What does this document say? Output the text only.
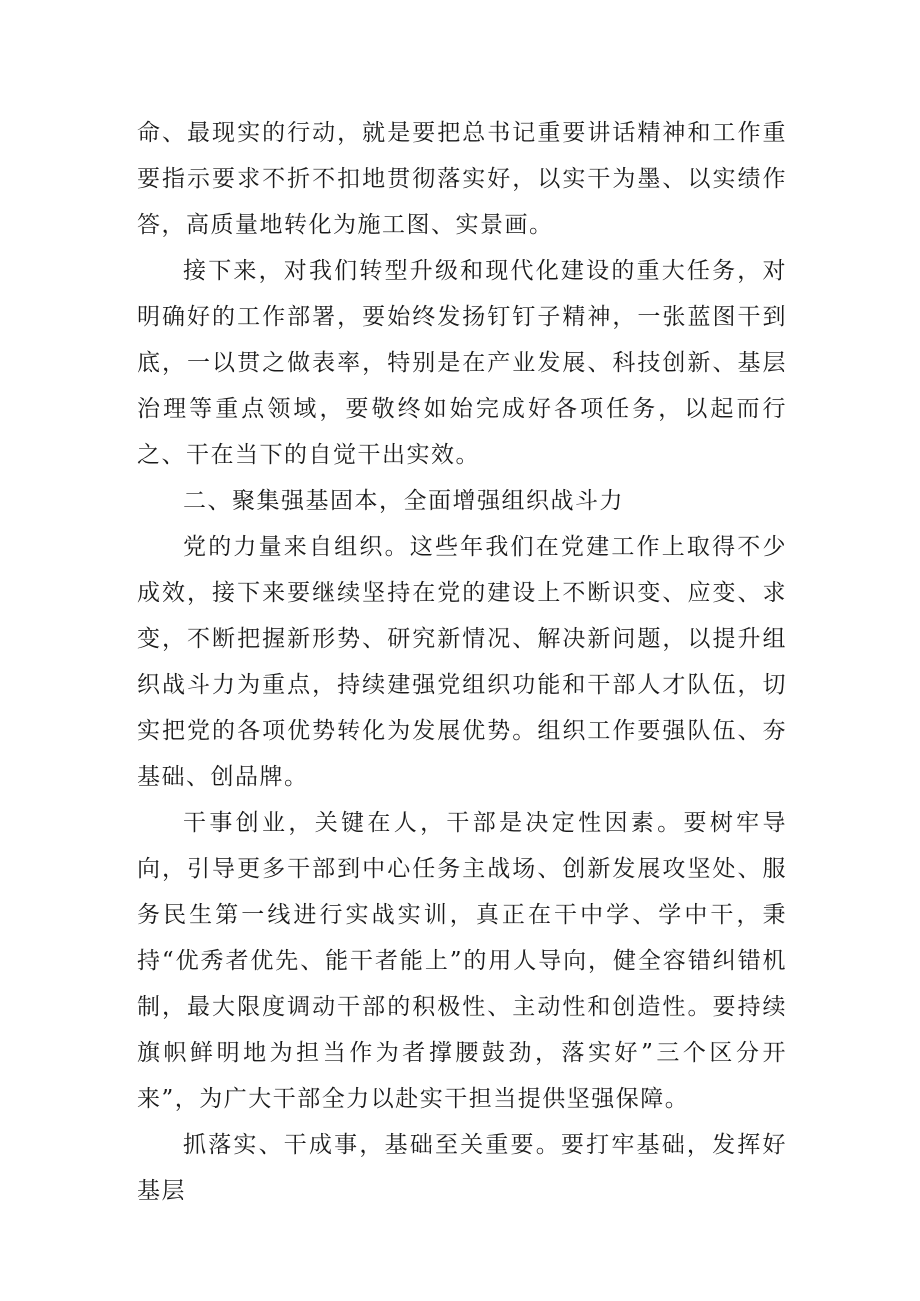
命、最现实的行动，就是要把总书记重要讲话精神和工作重要指示要求不折不扣地贯彻落实好，以实干为墨、以实绩作答，高质量地转化为施工图、实景画。

接下来，对我们转型升级和现代化建设的重大任务，对明确好的工作部署，要始终发扬钉钉子精神，一张蓝图干到底，一以贯之做表率，特别是在产业发展、科技创新、基层治理等重点领域，要敬终如始完成好各项任务，以起而行之、干在当下的自觉干出实效。

二、聚集强基固本，全面增强组织战斗力

党的力量来自组织。这些年我们在党建工作上取得不少成效，接下来要继续坚持在党的建设上不断识变、应变、求变，不断把握新形势、研究新情况、解决新问题，以提升组织战斗力为重点，持续建强党组织功能和干部人才队伍，切实把党的各项优势转化为发展优势。组织工作要强队伍、夯基础、创品牌。

干事创业，关键在人，干部是决定性因素。要树牢导向，引导更多干部到中心任务主战场、创新发展攻坚处、服务民生第一线进行实战实训，真正在干中学、学中干，秉持“优秀者优先、能干者能上”的用人导向，健全容错纠错机制，最大限度调动干部的积极性、主动性和创造性。要持续旗帜鲜明地为担当作为者撑腰鼓劲，落实好”三个区分开来”，为广大干部全力以赴实干担当提供坚强保障。

抓落实、干成事，基础至关重要。要打牢基础，发挥好基层
